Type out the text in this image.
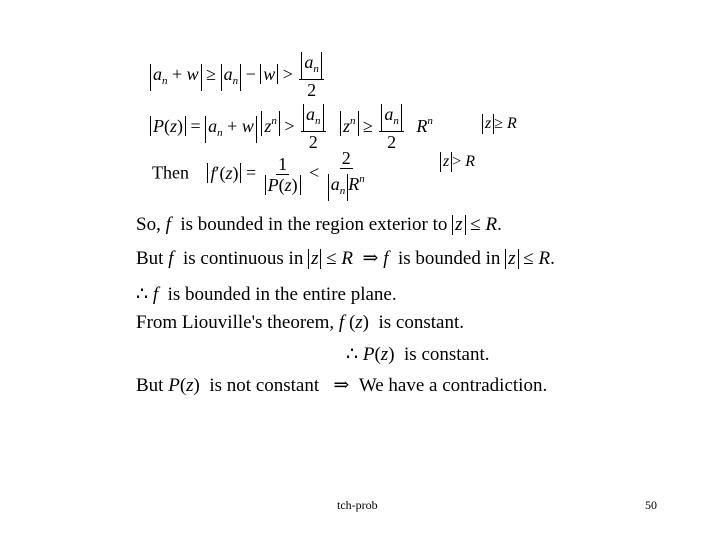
$a_n + w \ge a_n - w > \frac{a_n}{2}$
$P(z) = a_n + w$ $z^n > \frac{a_n}{2} z^n \ge \frac{a_n}{2} R^n$	z ≥ R
Then $f'(z) = \frac{1}{P(z)} < \frac{2}{a_n R^n}$	z > R
So, f  is bounded in the region exterior to z ≤ R.
But f  is continuous in z ≤ R  ⇒ f  is bounded in z ≤ R.
∴ f  is bounded in the entire plane.
From Liouville's theorem, f (z)  is constant.
∴ P(z)  is constant.
But P(z)  is not constant   ⇒  We have a contradiction.
tch-prob	50
